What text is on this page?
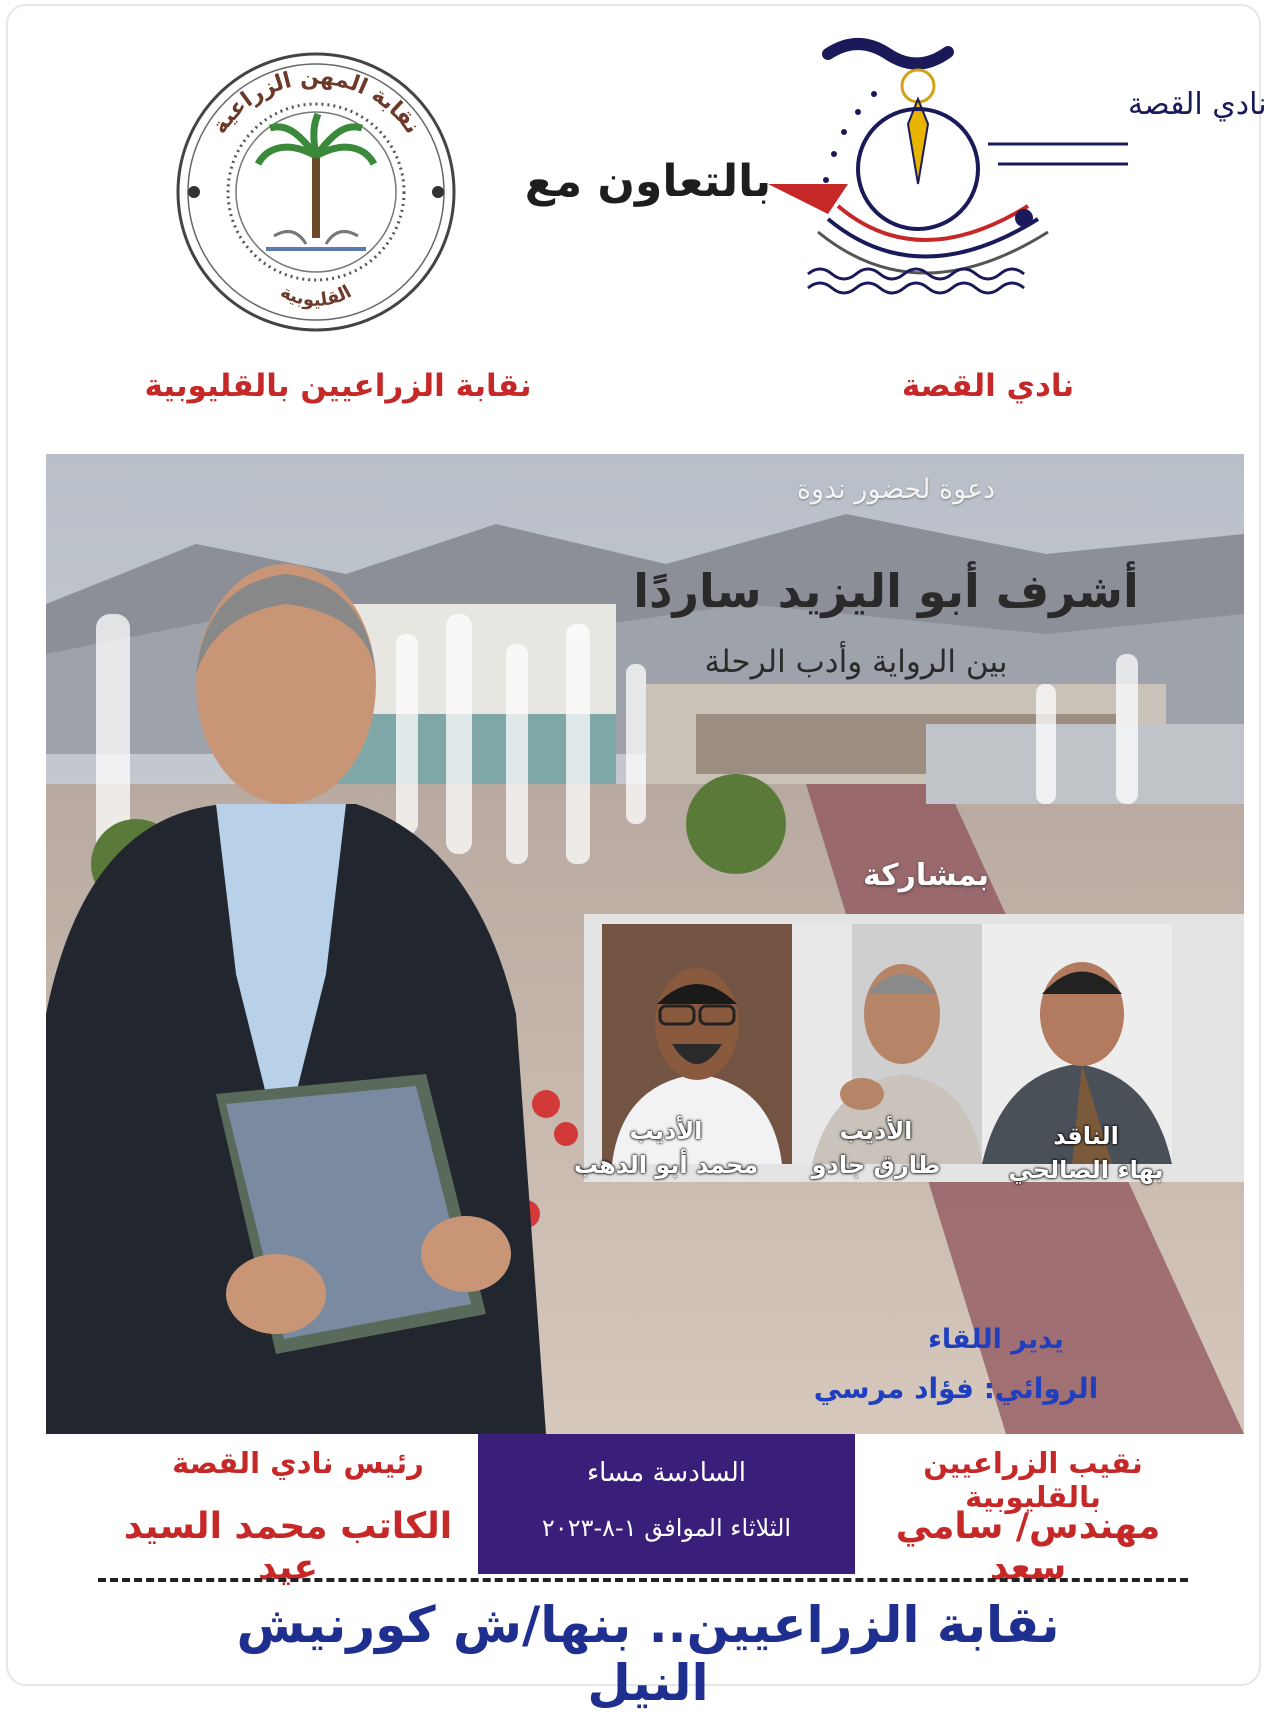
نقابة المهن الزراعية
القليوبية
بالتعاون مع
نادي القصة
نقابة الزراعيين بالقليوبية	نادي القصة
دعوة لحضور ندوة
أشرف أبو اليزيد ساردًا
بين الرواية وأدب الرحلة
بمشاركة
الأديب
محمد أبو الدهب
الأديب
طارق جادو
الناقد
بهاء الصالحي
يدير اللقاء
الروائي: فؤاد مرسي
السادسة مساء
الثلاثاء الموافق ١-٨-٢٠٢٣
رئيس نادي القصة
الكاتب محمد السيد عيد
نقيب الزراعيين بالقليوبية
مهندس/ سامي سعد
نقابة الزراعيين.. بنها/ش كورنيش النيل
